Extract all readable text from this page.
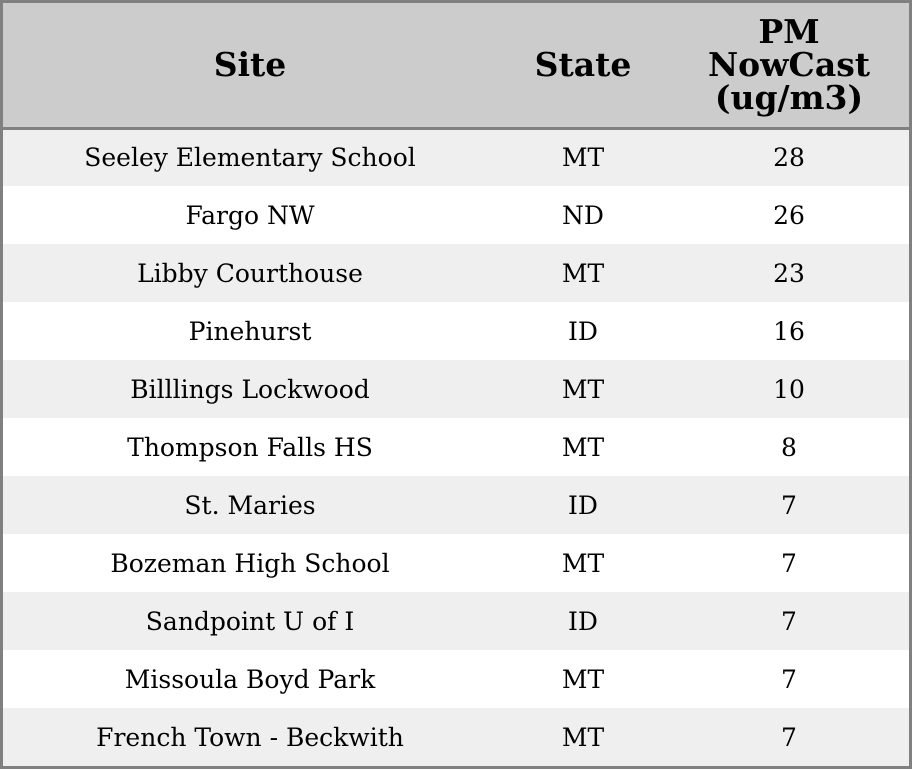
Site	State	PM
NowCast
(ug/m3)

Seeley Elementary School	MT	28
Fargo NW	ND	26
Libby Courthouse	MT	23
Pinehurst	ID	16
Billlings Lockwood	MT	10
Thompson Falls HS	MT	8
St. Maries	ID	7
Bozeman High School	MT	7
Sandpoint U of I	ID	7
Missoula Boyd Park	MT	7
French Town - Beckwith	MT	7
